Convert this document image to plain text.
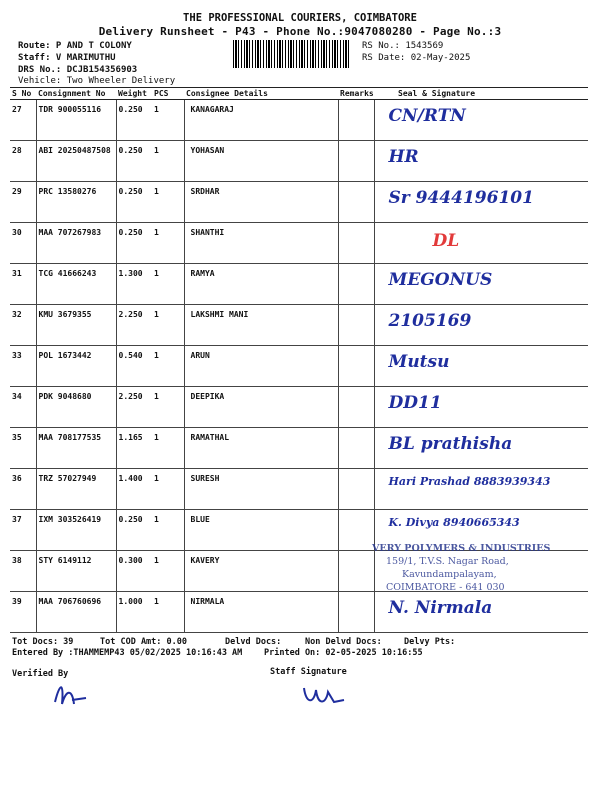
THE PROFESSIONAL COURIERS, COIMBATORE
Delivery Runsheet - P43 - Phone No.:9047080280 - Page No.:3
Route: P AND T COLONY
Staff: V MARIMUTHU
DRS No.: DCJB154356903
Vehicle: Two Wheeler Delivery
RS No.: 1543569
RS Date: 02-May-2025
S No	Consignment No	Weight	PCS	Consignee Details	Remarks	Seal & Signature
27	TDR 900055116	0.250	1	KANAGARAJ		CN/RTN

28	ABI 20250487508	0.250	1	YOHASAN		HR

29	PRC 13580276	0.250	1	SRDHAR		Sr 9444196101

30	MAA 707267983	0.250	1	SHANTHI		DL

31	TCG 41666243	1.300	1	RAMYA		MEGONUS

32	KMU 3679355	2.250	1	LAKSHMI MANI		2105169

33	POL 1673442	0.540	1	ARUN		Mutsu

34	PDK 9048680	2.250	1	DEEPIKA		DD11

35	MAA 708177535	1.165	1	RAMATHAL		BL prathisha

36	TRZ 57027949	1.400	1	SURESH		Hari Prashad 8883939343

37	IXM 303526419	0.250	1	BLUE		K. Divya 8940665343

38	STY 6149112	0.300	1	KAVERY		

39	MAA 706760696	1.000	1	NIRMALA		N. Nirmala
VERY POLYMERS & INDUSTRIES
159/1, T.V.S. Nagar Road,
Kavundampalayam,
COIMBATORE - 641 030
Tot Docs: 39	Tot COD Amt: 0.00	Delvd Docs:	Non Delvd Docs:	Delvy Pts:
Entered By :THAMMEMP43 05/02/2025 10:16:43 AM	Printed On: 02-05-2025 10:16:55
Verified By	Staff Signature
